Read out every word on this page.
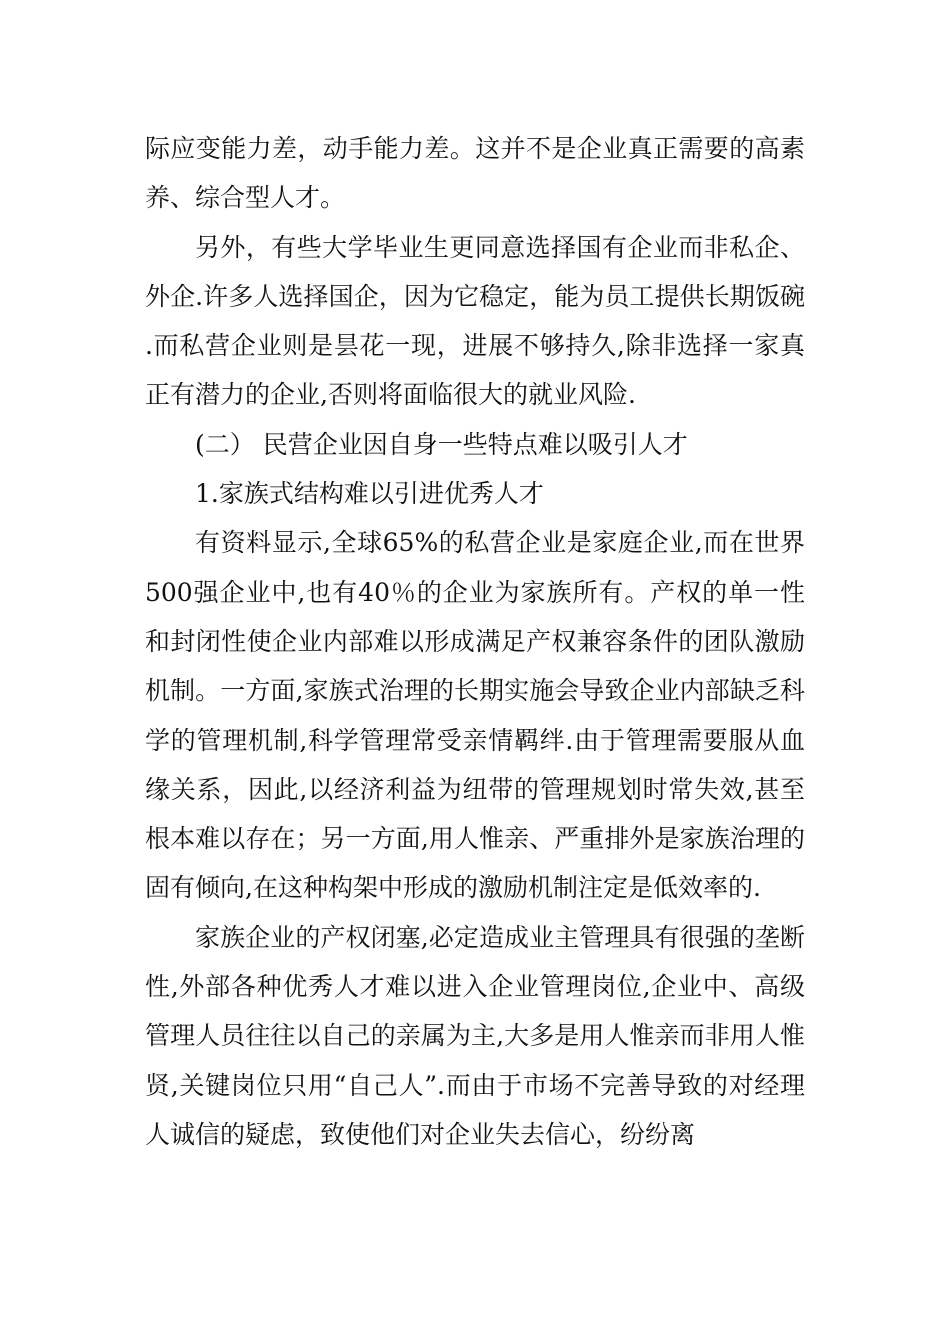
际应变能力差，动手能力差。这并不是企业真正需要的高素养、综合型人才。

另外，有些大学毕业生更同意选择国有企业而非私企、外企.许多人选择国企，因为它稳定，能为员工提供长期饭碗.而私营企业则是昙花一现，进展不够持久,除非选择一家真正有潜力的企业,否则将面临很大的就业风险.

(二） 民营企业因自身一些特点难以吸引人才

1.家族式结构难以引进优秀人才

有资料显示,全球65%的私营企业是家庭企业,而在世界500强企业中,也有40％的企业为家族所有。产权的单一性和封闭性使企业内部难以形成满足产权兼容条件的团队激励机制。一方面,家族式治理的长期实施会导致企业内部缺乏科学的管理机制,科学管理常受亲情羁绊.由于管理需要服从血缘关系，因此,以经济利益为纽带的管理规划时常失效,甚至根本难以存在；另一方面,用人惟亲、严重排外是家族治理的固有倾向,在这种构架中形成的激励机制注定是低效率的.

家族企业的产权闭塞,必定造成业主管理具有很强的垄断性,外部各种优秀人才难以进入企业管理岗位,企业中、高级管理人员往往以自己的亲属为主,大多是用人惟亲而非用人惟贤,关键岗位只用“自己人”.而由于市场不完善导致的对经理人诚信的疑虑，致使他们对企业失去信心，纷纷离
